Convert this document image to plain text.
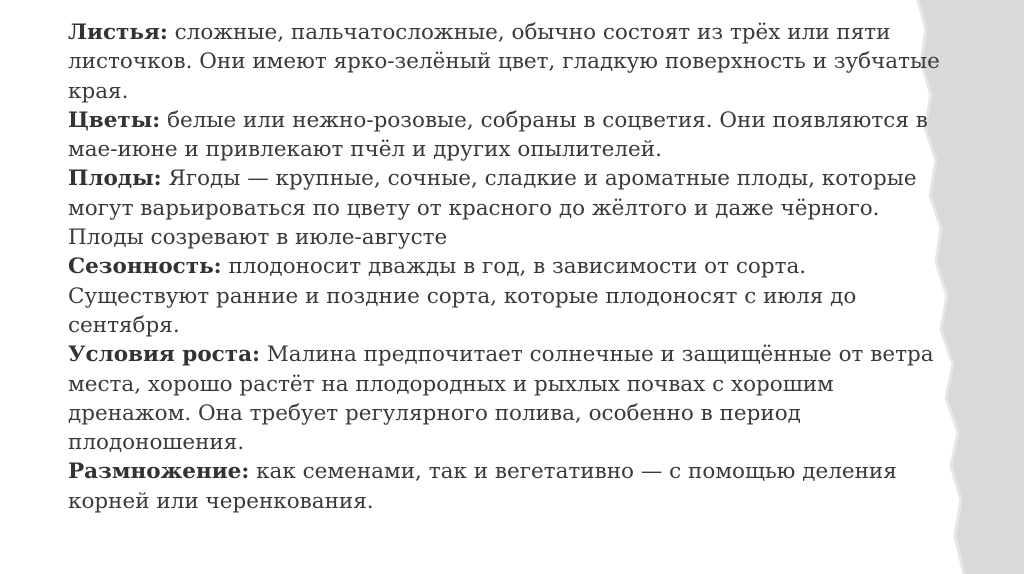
Листья: сложные, пальчатосложные, обычно состоят из трёх или пяти листочков. Они имеют ярко-зелёный цвет, гладкую поверхность и зубчатые края.

Цветы: белые или нежно-розовые, собраны в соцветия. Они появляются в мае-июне и привлекают пчёл и других опылителей.

Плоды: Ягоды — крупные, сочные, сладкие и ароматные плоды, которые могут варьироваться по цвету от красного до жёлтого и даже чёрного. Плоды созревают в июле-августе

Сезонность: плодоносит дважды в год, в зависимости от сорта. Существуют ранние и поздние сорта, которые плодоносят с июля до сентября.

Условия роста: Малина предпочитает солнечные и защищённые от ветра места, хорошо растёт на плодородных и рыхлых почвах с хорошим дренажом. Она требует регулярного полива, особенно в период плодоношения.

Размножение: как семенами, так и вегетативно — с помощью деления корней или черенкования.
